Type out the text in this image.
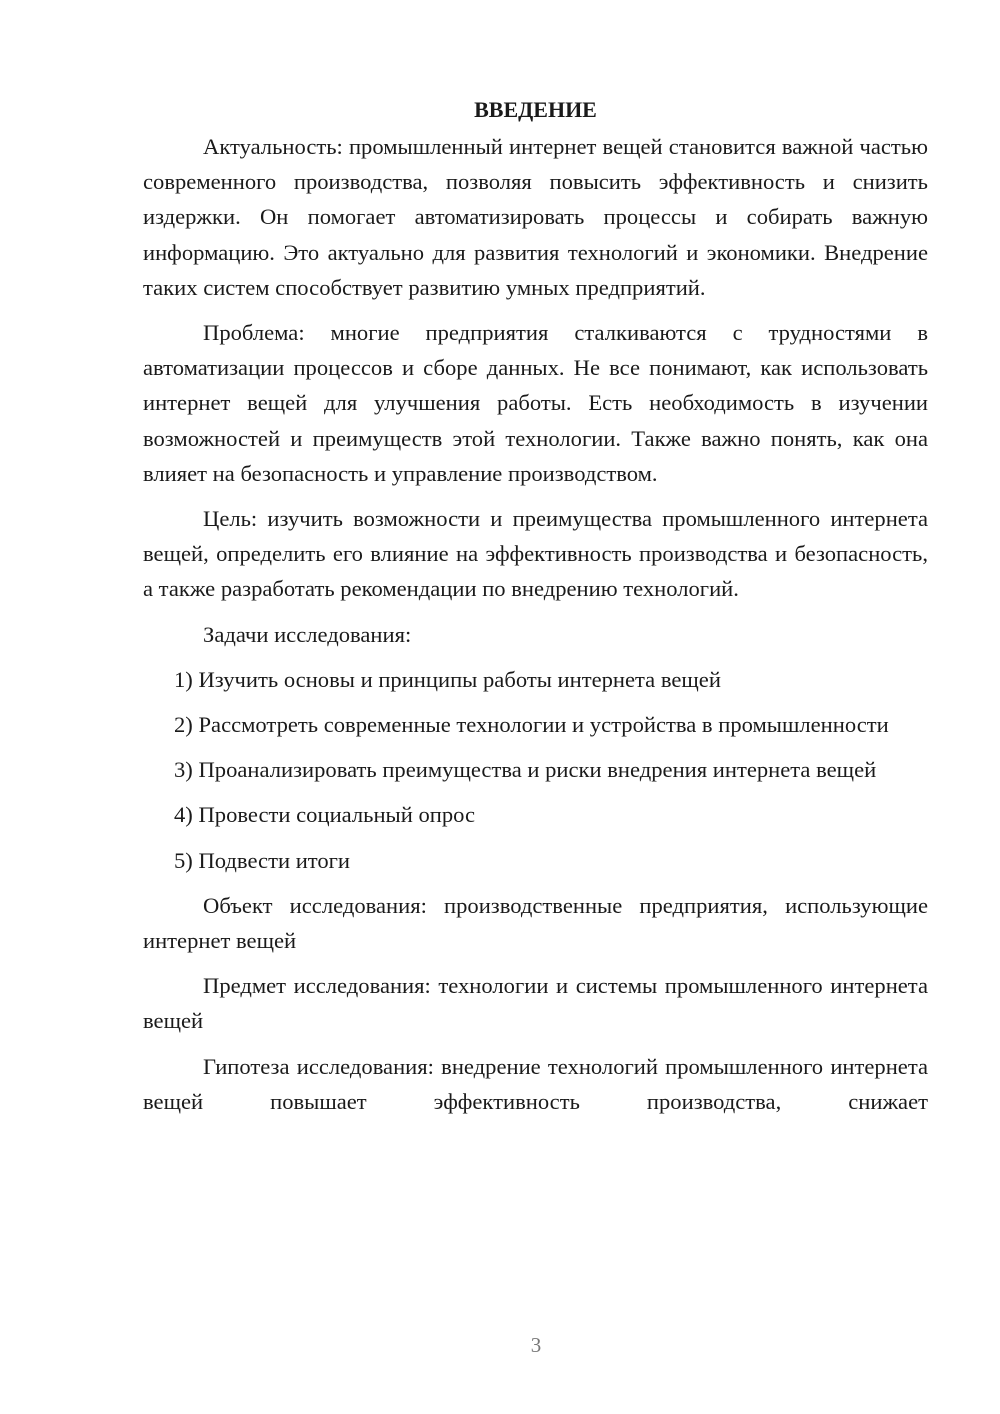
ВВЕДЕНИЕ

Актуальность: промышленный интернет вещей становится важной частью современного производства, позволяя повысить эффективность и снизить издержки. Он помогает автоматизировать процессы и собирать важную информацию. Это актуально для развития технологий и экономики. Внедрение таких систем способствует развитию умных предприятий.

Проблема: многие предприятия сталкиваются с трудностями в автоматизации процессов и сборе данных. Не все понимают, как использовать интернет вещей для улучшения работы. Есть необходимость в изучении возможностей и преимуществ этой технологии. Также важно понять, как она влияет на безопасность и управление производством.

Цель: изучить возможности и преимущества промышленного интернета вещей, определить его влияние на эффективность производства и безопасность, а также разработать рекомендации по внедрению технологий.

Задачи исследования:

1) Изучить основы и принципы работы интернета вещей

2) Рассмотреть современные технологии и устройства в промышленности

3) Проанализировать преимущества и риски внедрения интернета вещей

4) Провести социальный опрос

5) Подвести итоги

Объект исследования: производственные предприятия, использующие интернет вещей

Предмет исследования: технологии и системы промышленного интернета вещей

Гипотеза исследования: внедрение технологий промышленного интернета вещей повышает эффективность производства, снижает

3
